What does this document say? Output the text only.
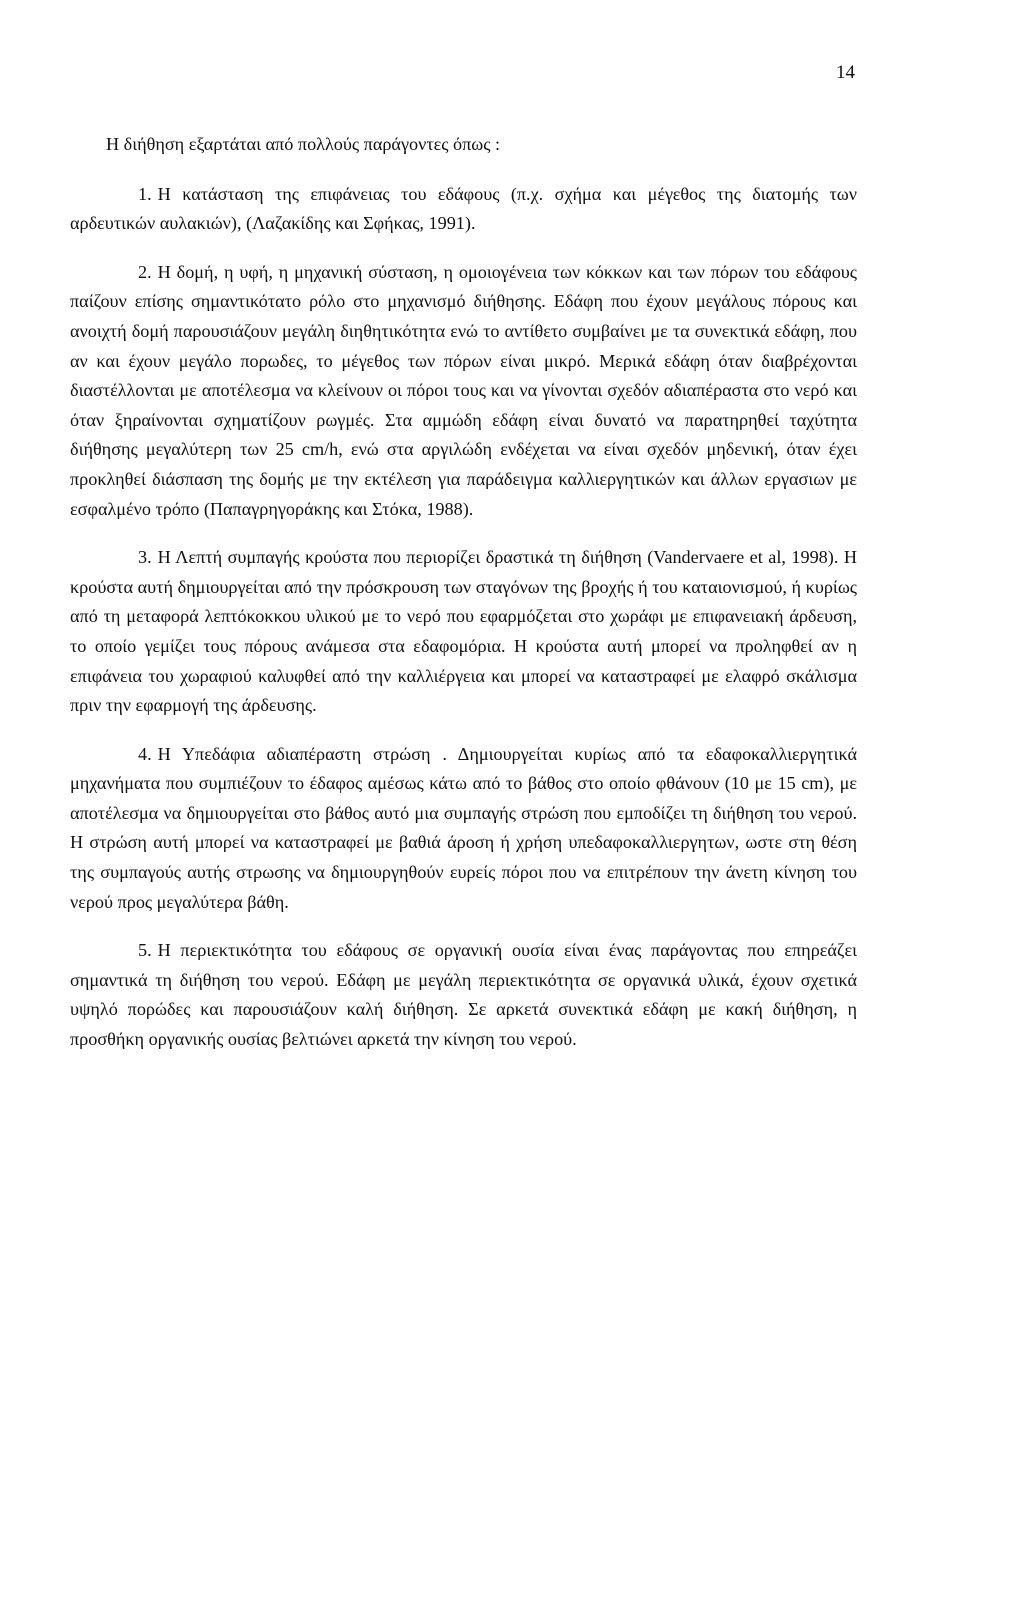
14

Η διήθηση εξαρτάται από πολλούς παράγοντες όπως :

1. Η κατάσταση της επιφάνειας του εδάφους (π.χ. σχήμα και μέγεθος της διατομής των αρδευτικών αυλακιών), (Λαζακίδης και Σφήκας, 1991).

2. Η δομή, η υφή, η μηχανική σύσταση, η ομοιογένεια των κόκκων και των πόρων του εδάφους παίζουν επίσης σημαντικότατο ρόλο στο μηχανισμό διήθησης. Εδάφη που έχουν μεγάλους πόρους και ανοιχτή δομή παρουσιάζουν μεγάλη διηθητικότητα ενώ το αντίθετο συμβαίνει με τα συνεκτικά εδάφη, που αν και έχουν μεγάλο πορωδες, το μέγεθος των πόρων είναι μικρό. Μερικά εδάφη όταν διαβρέχονται διαστέλλονται με αποτέλεσμα να κλείνουν οι πόροι τους και να γίνονται σχεδόν αδιαπέραστα στο νερό και όταν ξηραίνονται σχηματίζουν ρωγμές. Στα αμμώδη εδάφη είναι δυνατό να παρατηρηθεί ταχύτητα διήθησης μεγαλύτερη των 25 cm/h, ενώ στα αργιλώδη ενδέχεται να είναι σχεδόν μηδενική, όταν έχει προκληθεί διάσπαση της δομής με την εκτέλεση για παράδειγμα καλλιεργητικών και άλλων εργασιων με εσφαλμένο τρόπο (Παπαγρηγοράκης και Στόκα, 1988).

3. Η Λεπτή συμπαγής κρούστα που περιορίζει δραστικά τη διήθηση (Vandervaere et al, 1998). Η κρούστα αυτή δημιουργείται από την πρόσκρουση των σταγόνων της βροχής ή του καταιονισμού, ή κυρίως από τη μεταφορά λεπτόκοκκου υλικού με το νερό που εφαρμόζεται στο χωράφι με επιφανειακή άρδευση, το οποίο γεμίζει τους πόρους ανάμεσα στα εδαφομόρια. Η κρούστα αυτή μπορεί να προληφθεί αν η επιφάνεια του χωραφιού καλυφθεί από την καλλιέργεια και μπορεί να καταστραφεί με ελαφρό σκάλισμα πριν την εφαρμογή της άρδευσης.

4. Η Υπεδάφια αδιαπέραστη στρώση . Δημιουργείται κυρίως από τα εδαφοκαλλιεργητικά μηχανήματα που συμπιέζουν το έδαφος αμέσως κάτω από το βάθος στο οποίο φθάνουν (10 με 15 cm), με αποτέλεσμα να δημιουργείται στο βάθος αυτό μια συμπαγής στρώση που εμποδίζει τη διήθηση του νερού. Η στρώση αυτή μπορεί να καταστραφεί με βαθιά άροση ή χρήση υπεδαφοκαλλιεργητων, ωστε στη θέση της συμπαγούς αυτής στρωσης να δημιουργηθούν ευρείς πόροι που να επιτρέπουν την άνετη κίνηση του νερού προς μεγαλύτερα βάθη.

5. Η περιεκτικότητα του εδάφους σε οργανική ουσία είναι ένας παράγοντας που επηρεάζει σημαντικά τη διήθηση του νερού. Εδάφη με μεγάλη περιεκτικότητα σε οργανικά υλικά, έχουν σχετικά υψηλό πορώδες και παρουσιάζουν καλή διήθηση. Σε αρκετά συνεκτικά εδάφη με κακή διήθηση, η προσθήκη οργανικής ουσίας βελτιώνει αρκετά την κίνηση του νερού.
